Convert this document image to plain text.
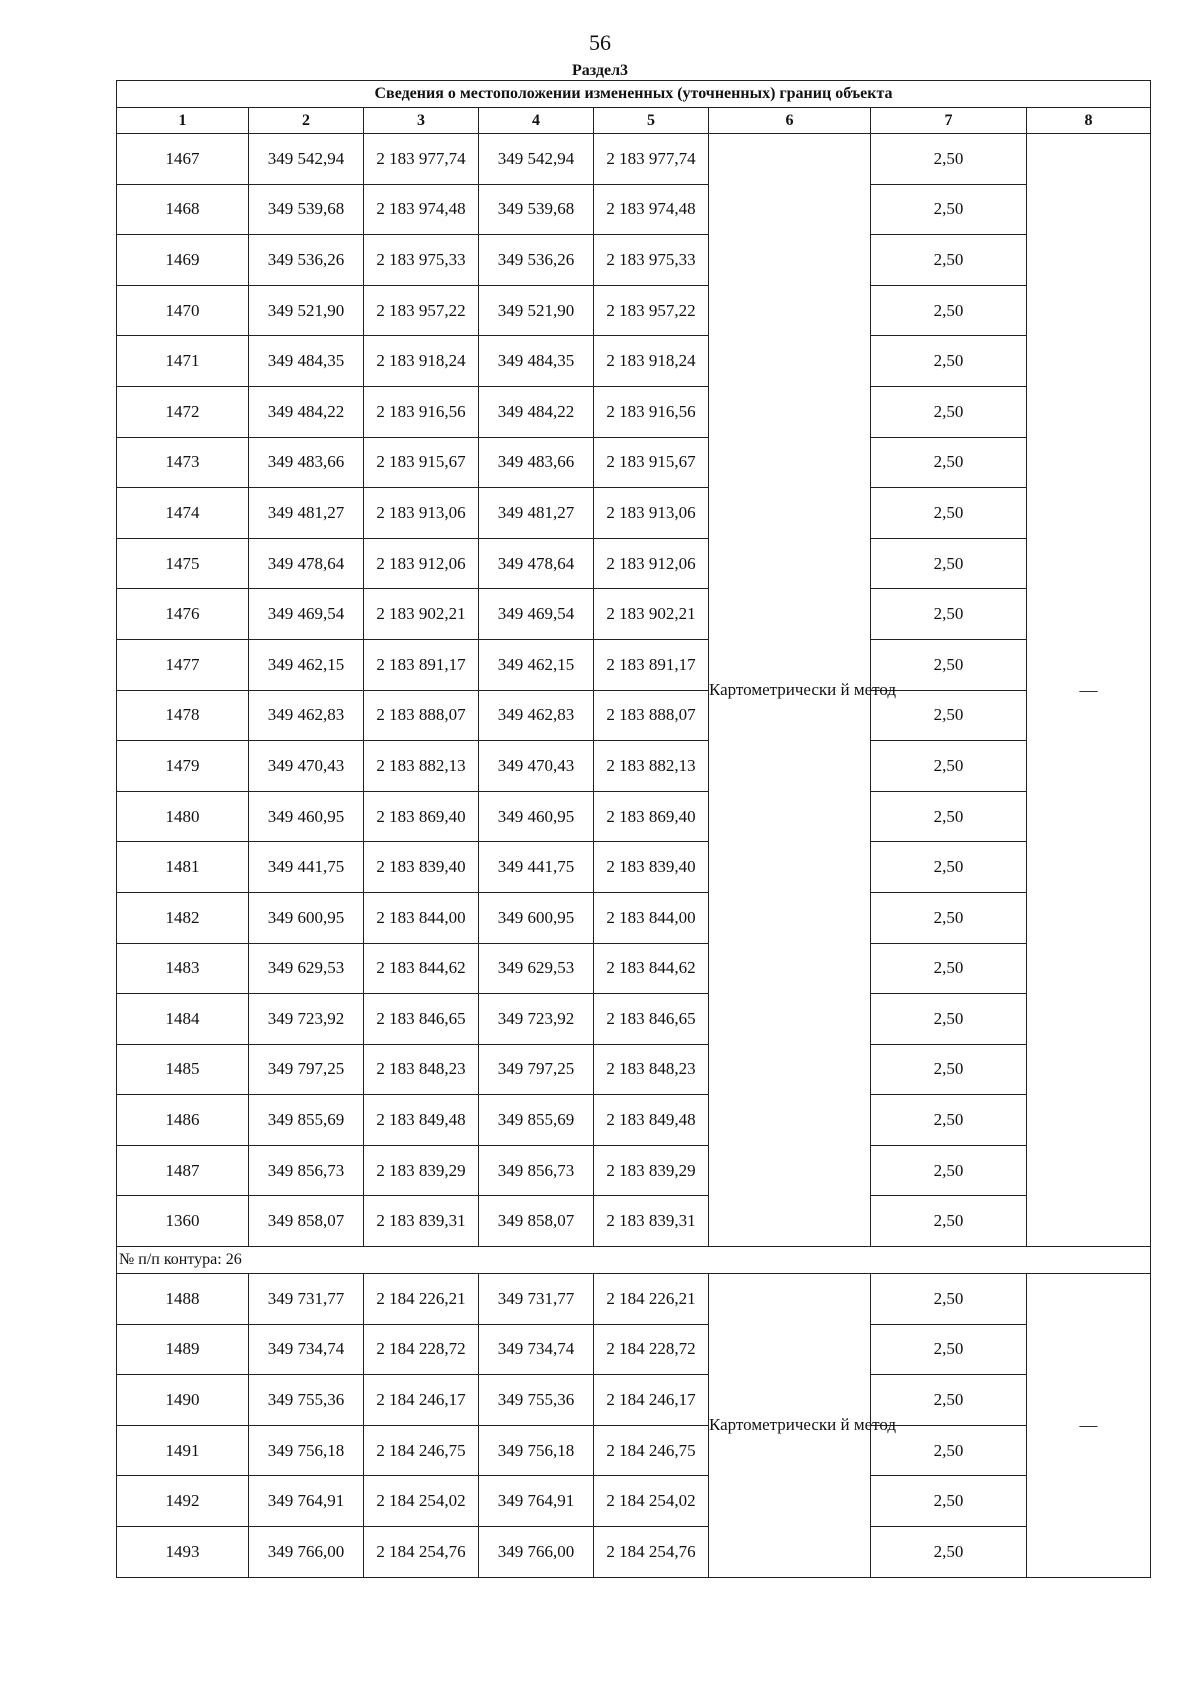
56
Раздел3
Сведения о местоположении измененных (уточненных) границ объекта							
1	2	3	4	5	6	7	8
1467	349 542,94	2 183 977,74	349 542,94	2 183 977,74	Картометрически й метод	2,50	—
1468	349 539,68	2 183 974,48	349 539,68	2 183 974,48		2,50	
1469	349 536,26	2 183 975,33	349 536,26	2 183 975,33		2,50	
1470	349 521,90	2 183 957,22	349 521,90	2 183 957,22		2,50	
1471	349 484,35	2 183 918,24	349 484,35	2 183 918,24		2,50	
1472	349 484,22	2 183 916,56	349 484,22	2 183 916,56		2,50	
1473	349 483,66	2 183 915,67	349 483,66	2 183 915,67		2,50	
1474	349 481,27	2 183 913,06	349 481,27	2 183 913,06		2,50	
1475	349 478,64	2 183 912,06	349 478,64	2 183 912,06		2,50	
1476	349 469,54	2 183 902,21	349 469,54	2 183 902,21		2,50	
1477	349 462,15	2 183 891,17	349 462,15	2 183 891,17		2,50	
1478	349 462,83	2 183 888,07	349 462,83	2 183 888,07		2,50	
1479	349 470,43	2 183 882,13	349 470,43	2 183 882,13		2,50	
1480	349 460,95	2 183 869,40	349 460,95	2 183 869,40		2,50	
1481	349 441,75	2 183 839,40	349 441,75	2 183 839,40		2,50	
1482	349 600,95	2 183 844,00	349 600,95	2 183 844,00		2,50	
1483	349 629,53	2 183 844,62	349 629,53	2 183 844,62		2,50	
1484	349 723,92	2 183 846,65	349 723,92	2 183 846,65		2,50	
1485	349 797,25	2 183 848,23	349 797,25	2 183 848,23		2,50	
1486	349 855,69	2 183 849,48	349 855,69	2 183 849,48		2,50	
1487	349 856,73	2 183 839,29	349 856,73	2 183 839,29		2,50	
1360	349 858,07	2 183 839,31	349 858,07	2 183 839,31		2,50	
№ п/п контура: 26							
1488	349 731,77	2 184 226,21	349 731,77	2 184 226,21	Картометрически й метод	2,50	—
1489	349 734,74	2 184 228,72	349 734,74	2 184 228,72		2,50	
1490	349 755,36	2 184 246,17	349 755,36	2 184 246,17		2,50	
1491	349 756,18	2 184 246,75	349 756,18	2 184 246,75		2,50	
1492	349 764,91	2 184 254,02	349 764,91	2 184 254,02		2,50	
1493	349 766,00	2 184 254,76	349 766,00	2 184 254,76		2,50	
